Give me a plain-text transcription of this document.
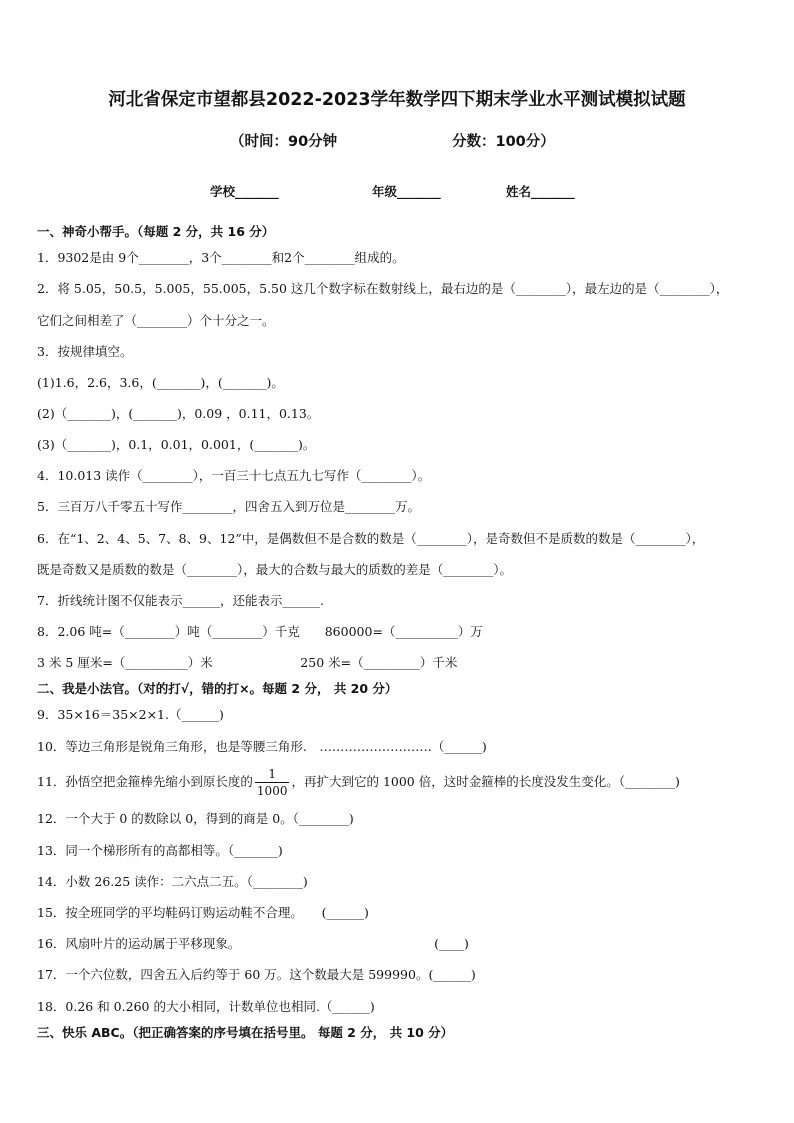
河北省保定市望都县2022-2023学年数学四下期末学业水平测试模拟试题
（时间：90分钟	分数：100分）
学校_______	年级_______	姓名_______
一、神奇小帮手。（每题 2 分，共 16 分）
1．9302是由 9个________，3个________和2个________组成的。
2．将 5.05，50.5，5.005，55.005，5.50 这几个数字标在数射线上，最右边的是（________），最左边的是（________），
它们之间相差了（________）个十分之一。
3．按规律填空。
(1)1.6，2.6，3.6，(_______)，(_______)。
(2)（_______)，(_______)，0.09 ，0.11，0.13。
(3)（_______)，0.1，0.01，0.001，(_______)。
4．10.013 读作（________），一百三十七点五九七写作（________）。
5．三百万八千零五十写作________，四舍五入到万位是________万。
6．在“1、2、4、5、7、8、9、12”中，是偶数但不是合数的数是（________），是奇数但不是质数的数是（________），
既是奇数又是质数的数是（________），最大的合数与最大的质数的差是（________）。
7．折线统计图不仅能表示______，还能表示______.
8．2.06 吨=（________）吨（________）千克　　860000=（__________）万
3 米 5 厘米=（__________）米　　　　　　　250 米=（_________）千米
二、我是小法官。（对的打√，错的打×。每题 2 分， 共 20 分）
9．35×16＝35×2×1.（______)
10．等边三角形是锐角三角形，也是等腰三角形.　………………………（______)
11．孙悟空把金箍棒先缩小到原长度的 $\frac{1}{1000}$ ，再扩大到它的 1000 倍，这时金箍棒的长度没发生变化。（________)
12．一个大于 0 的数除以 0，得到的商是 0。（________)
13．同一个梯形所有的高都相等。（_______)
14．小数 26.25 读作：二六点二五。（________)
15．按全班同学的平均鞋码订购运动鞋不合理。　　(______)
16．风扇叶片的运动属于平移现象。　　　　　　　　　　　　　　　　(____)
17．一个六位数，四舍五入后约等于 60 万。这个数最大是 599990。(______)
18．0.26 和 0.260 的大小相同，计数单位也相同.（______)
三、快乐 ABC。（把正确答案的序号填在括号里。 每题 2 分， 共 10 分）
